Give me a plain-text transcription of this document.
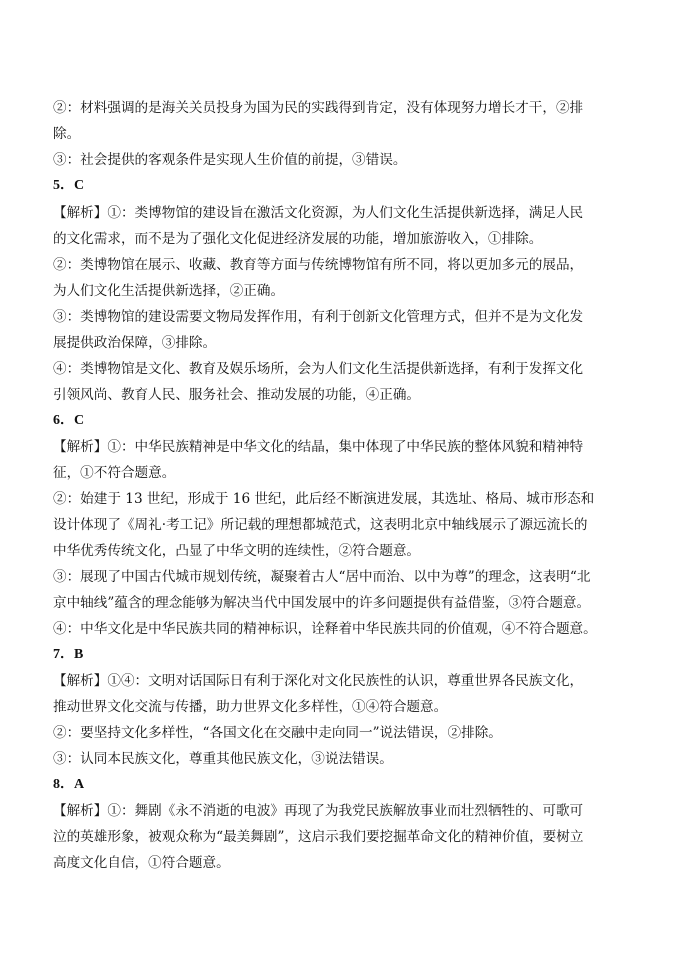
②：材料强调的是海关关员投身为国为民的实践得到肯定，没有体现努力增长才干，②排
除。
③：社会提供的客观条件是实现人生价值的前提，③错误。
5．C
【解析】①：类博物馆的建设旨在激活文化资源，为人们文化生活提供新选择，满足人民
的文化需求，而不是为了强化文化促进经济发展的功能，增加旅游收入，①排除。
②：类博物馆在展示、收藏、教育等方面与传统博物馆有所不同，将以更加多元的展品，
为人们文化生活提供新选择，②正确。
③：类博物馆的建设需要文物局发挥作用，有利于创新文化管理方式，但并不是为文化发
展提供政治保障，③排除。
④：类博物馆是文化、教育及娱乐场所，会为人们文化生活提供新选择，有利于发挥文化
引领风尚、教育人民、服务社会、推动发展的功能，④正确。
6．C
【解析】①：中华民族精神是中华文化的结晶，集中体现了中华民族的整体风貌和精神特
征，①不符合题意。
②：始建于 13 世纪，形成于 16 世纪，此后经不断演进发展，其选址、格局、城市形态和
设计体现了《周礼·考工记》所记载的理想都城范式，这表明北京中轴线展示了源远流长的
中华优秀传统文化，凸显了中华文明的连续性，②符合题意。
③：展现了中国古代城市规划传统，凝聚着古人“居中而治、以中为尊”的理念，这表明“北
京中轴线”蕴含的理念能够为解决当代中国发展中的许多问题提供有益借鉴，③符合题意。
④：中华文化是中华民族共同的精神标识，诠释着中华民族共同的价值观，④不符合题意。
7．B
【解析】①④：文明对话国际日有利于深化对文化民族性的认识，尊重世界各民族文化，
推动世界文化交流与传播，助力世界文化多样性，①④符合题意。
②：要坚持文化多样性，“各国文化在交融中走向同一”说法错误，②排除。
③：认同本民族文化，尊重其他民族文化，③说法错误。
8．A
【解析】①：舞剧《永不消逝的电波》再现了为我党民族解放事业而壮烈牺牲的、可歌可
泣的英雄形象，被观众称为“最美舞剧”，这启示我们要挖掘革命文化的精神价值，要树立
高度文化自信，①符合题意。
